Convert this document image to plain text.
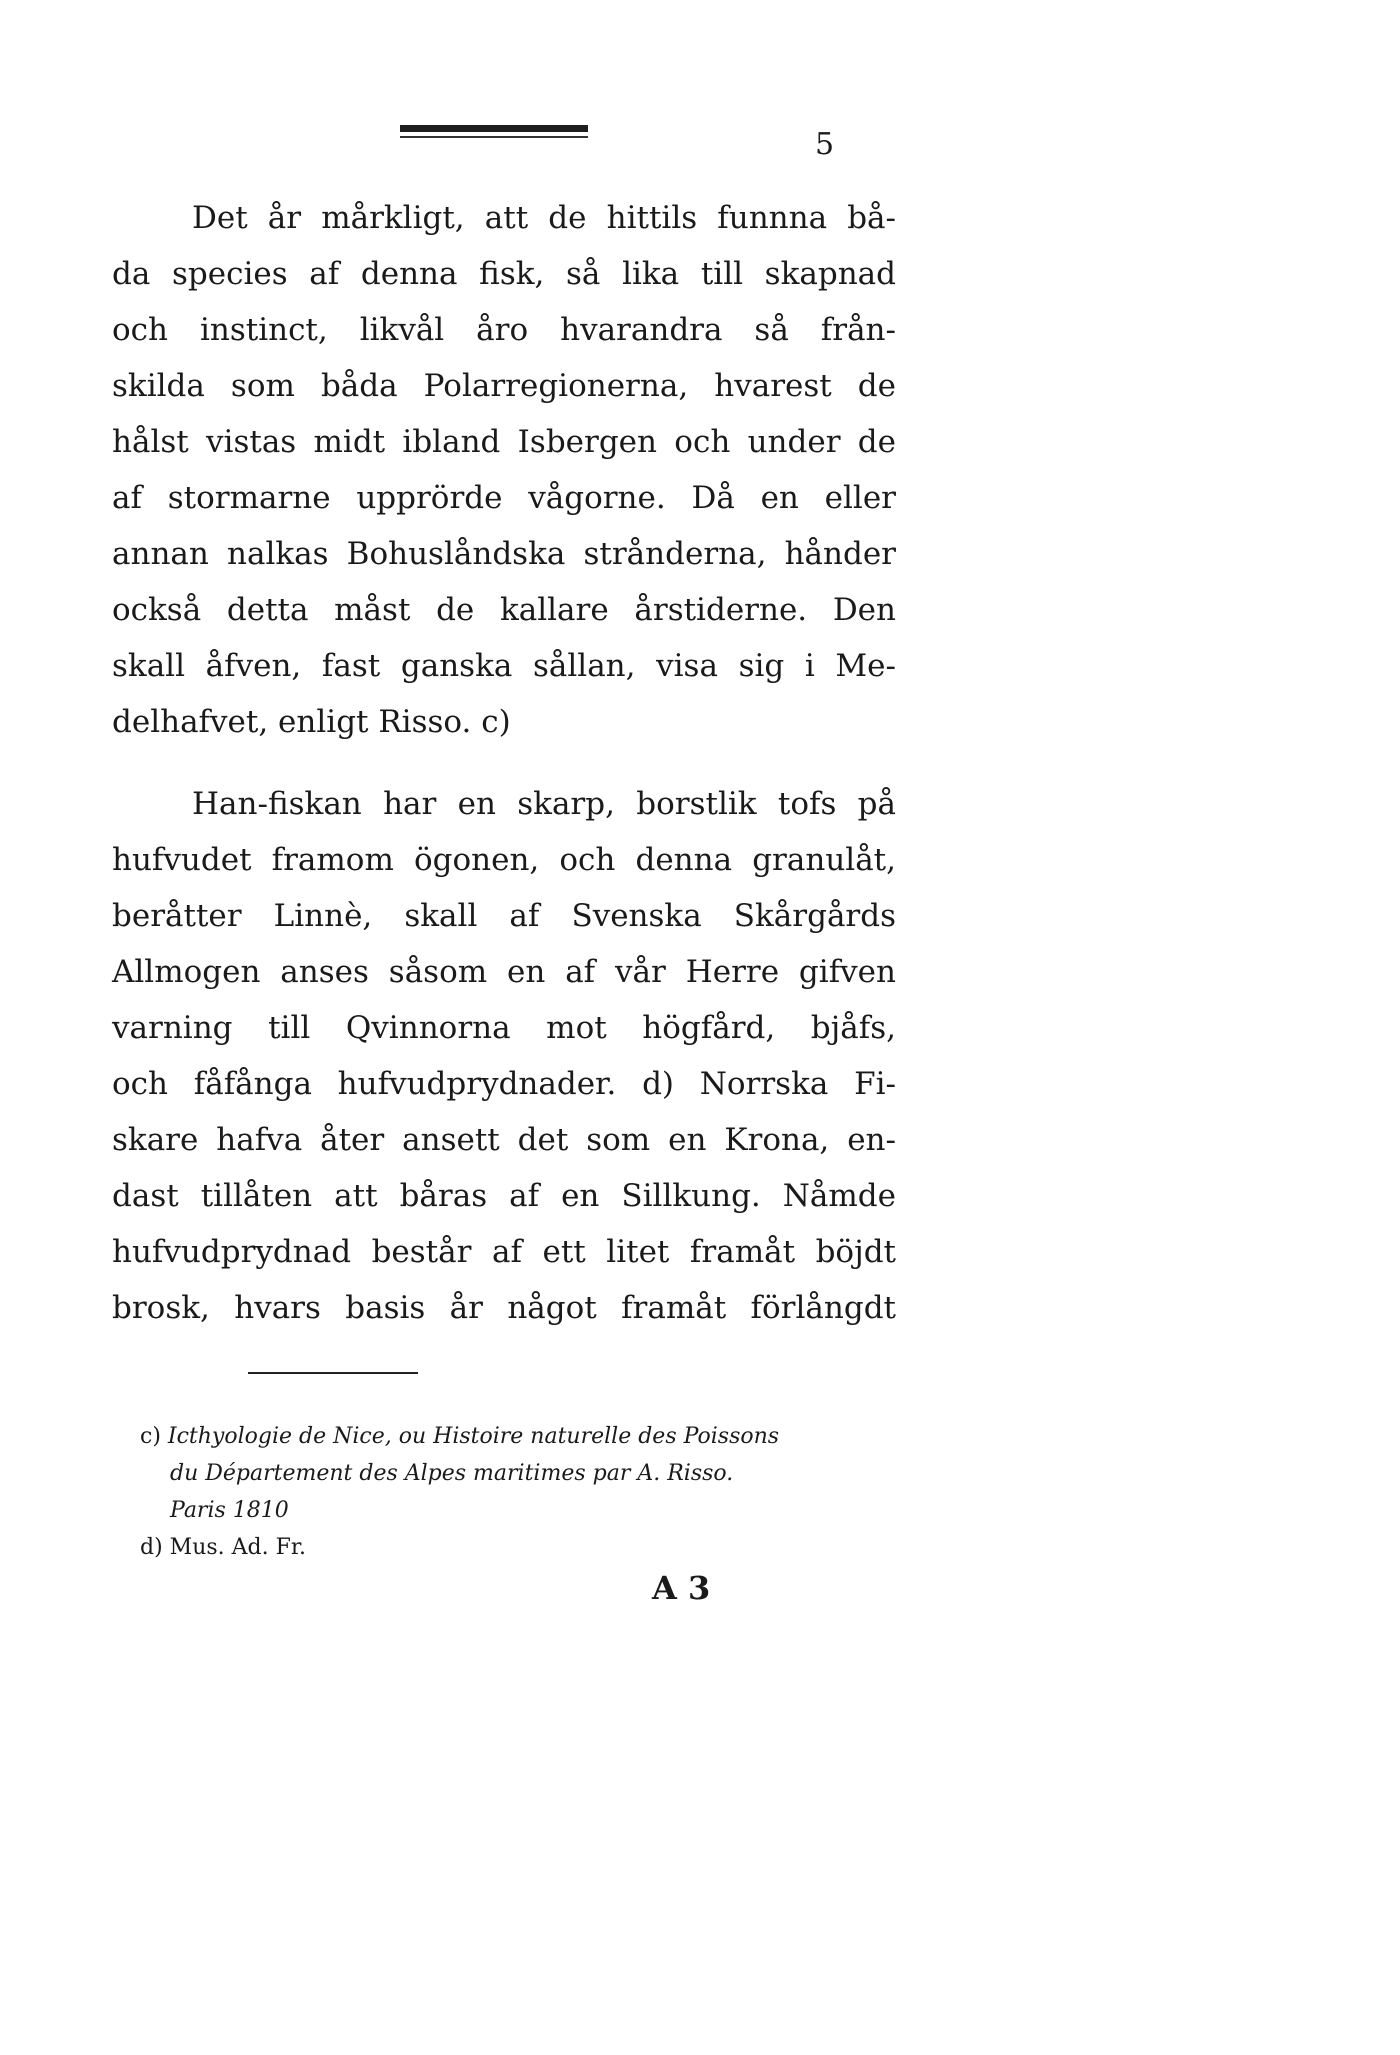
5
Det år mårkligt, att de hittils funnna bå-
da species af denna fisk, så lika till skapnad
och instinct, likvål åro hvarandra så från-
skilda som båda Polarregionerna, hvarest de
hålst vistas midt ibland Isbergen och under de
af stormarne upprörde vågorne. Då en eller
annan nalkas Bohuslåndska strånderna, hånder
också detta måst de kallare årstiderne. Den
skall åfven, fast ganska sållan, visa sig i Me-
delhafvet, enligt Risso. c)
Han-fiskan har en skarp, borstlik tofs på
hufvudet framom ögonen, och denna granulåt,
beråtter Linnè, skall af Svenska Skårgårds
Allmogen anses såsom en af vår Herre gifven
varning till Qvinnorna mot högfård, bjåfs,
och fåfånga hufvudprydnader. d) Norrska Fi-
skare hafva åter ansett det som en Krona, en-
dast tillåten att båras af en Sillkung. Nåmde
hufvudprydnad består af ett litet framåt böjdt
brosk, hvars basis år något framåt förlångdt
c) Icthyologie de Nice, ou Histoire naturelle des Poissons
du Département des Alpes maritimes par A. Risso.
Paris 1810
d) Mus. Ad. Fr.
A 3
